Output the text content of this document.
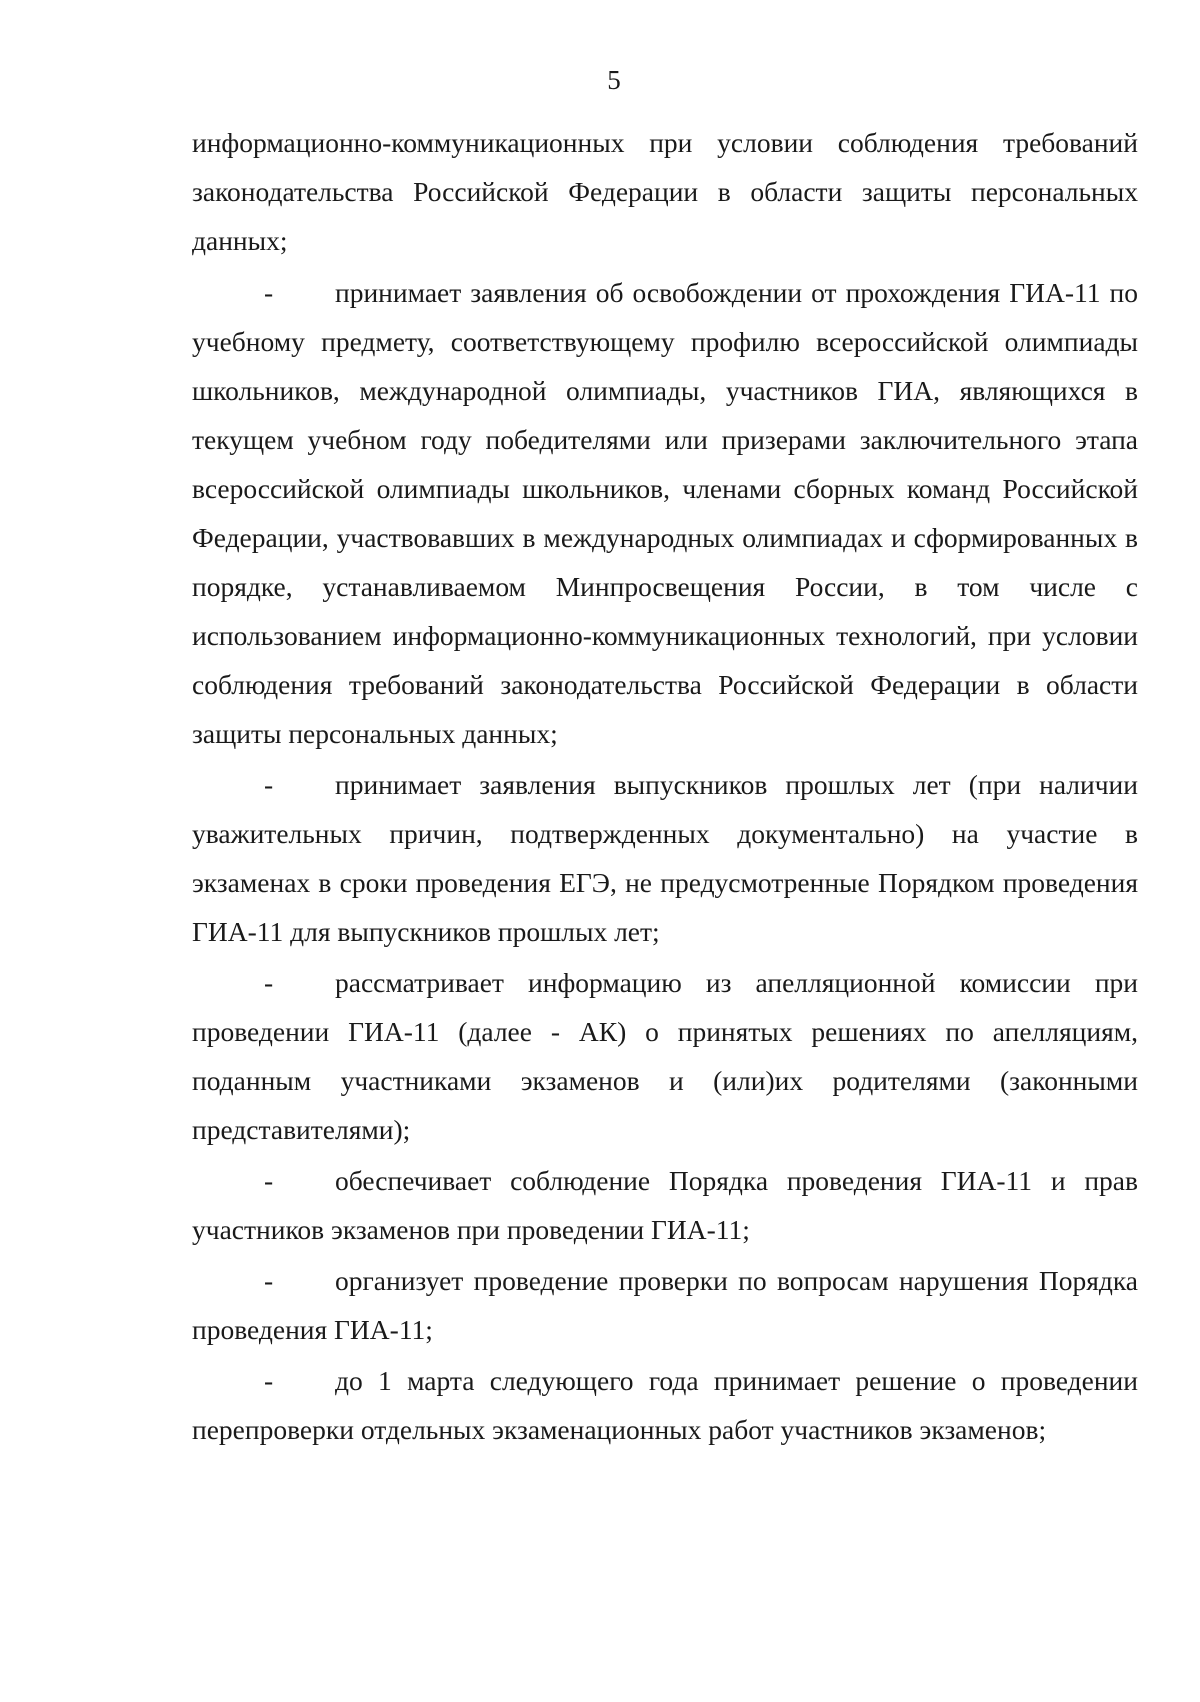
5

информационно-коммуникационных при условии соблюдения требований законодательства Российской Федерации в области защиты персональных данных;

- принимает заявления об освобождении от прохождения ГИА-11 по учебному предмету, соответствующему профилю всероссийской олимпиады школьников, международной олимпиады, участников ГИА, являющихся в текущем учебном году победителями или призерами заключительного этапа всероссийской олимпиады школьников, членами сборных команд Российской Федерации, участвовавших в международных олимпиадах и сформированных в порядке, устанавливаемом Минпросвещения России, в том числе с использованием информационно-коммуникационных технологий, при условии соблюдения требований законодательства Российской Федерации в области защиты персональных данных;

- принимает заявления выпускников прошлых лет (при наличии уважительных причин, подтвержденных документально) на участие в экзаменах в сроки проведения ЕГЭ, не предусмотренные Порядком проведения ГИА-11 для выпускников прошлых лет;

- рассматривает информацию из апелляционной комиссии при проведении ГИА-11 (далее - АК) о принятых решениях по апелляциям, поданным участниками экзаменов и (или)их родителями (законными представителями);

- обеспечивает соблюдение Порядка проведения ГИА-11 и прав участников экзаменов при проведении ГИА-11;

- организует проведение проверки по вопросам нарушения Порядка проведения ГИА-11;

- до 1 марта следующего года принимает решение о проведении перепроверки отдельных экзаменационных работ участников экзаменов;
